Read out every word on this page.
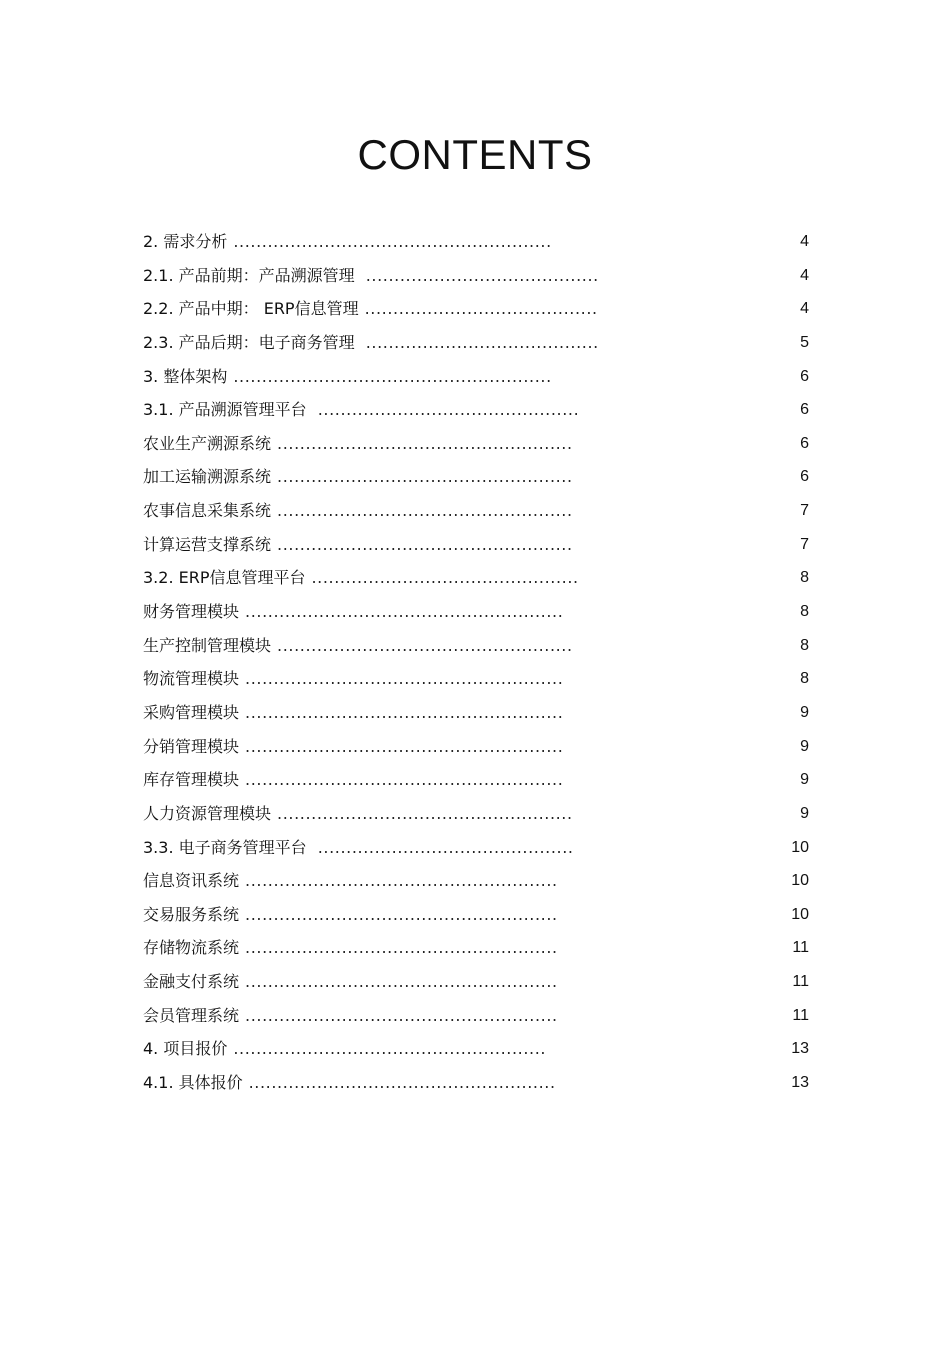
CONTENTS
2. 需求分析 ........................................................	4
2.1. 产品前期：产品溯源管理 .........................................	4
2.2. 产品中期： ERP信息管理 .........................................	4
2.3. 产品后期：电子商务管理 .........................................	5
3. 整体架构 ........................................................	6
3.1. 产品溯源管理平台 ..............................................	6
农业生产溯源系统 ....................................................	6
加工运输溯源系统 ....................................................	6
农事信息采集系统 ....................................................	7
计算运营支撑系统 ....................................................	7
3.2. ERP信息管理平台 ...............................................	8
财务管理模块 ........................................................	8
生产控制管理模块 ....................................................	8
物流管理模块 ........................................................	8
采购管理模块 ........................................................	9
分销管理模块 ........................................................	9
库存管理模块 ........................................................	9
人力资源管理模块 ....................................................	9
3.3. 电子商务管理平台 .............................................	10
信息资讯系统 .......................................................	10
交易服务系统 .......................................................	10
存储物流系统 .......................................................	11
金融支付系统 .......................................................	11
会员管理系统 .......................................................	11
4. 项目报价 .......................................................	13
4.1. 具体报价 ......................................................	13
